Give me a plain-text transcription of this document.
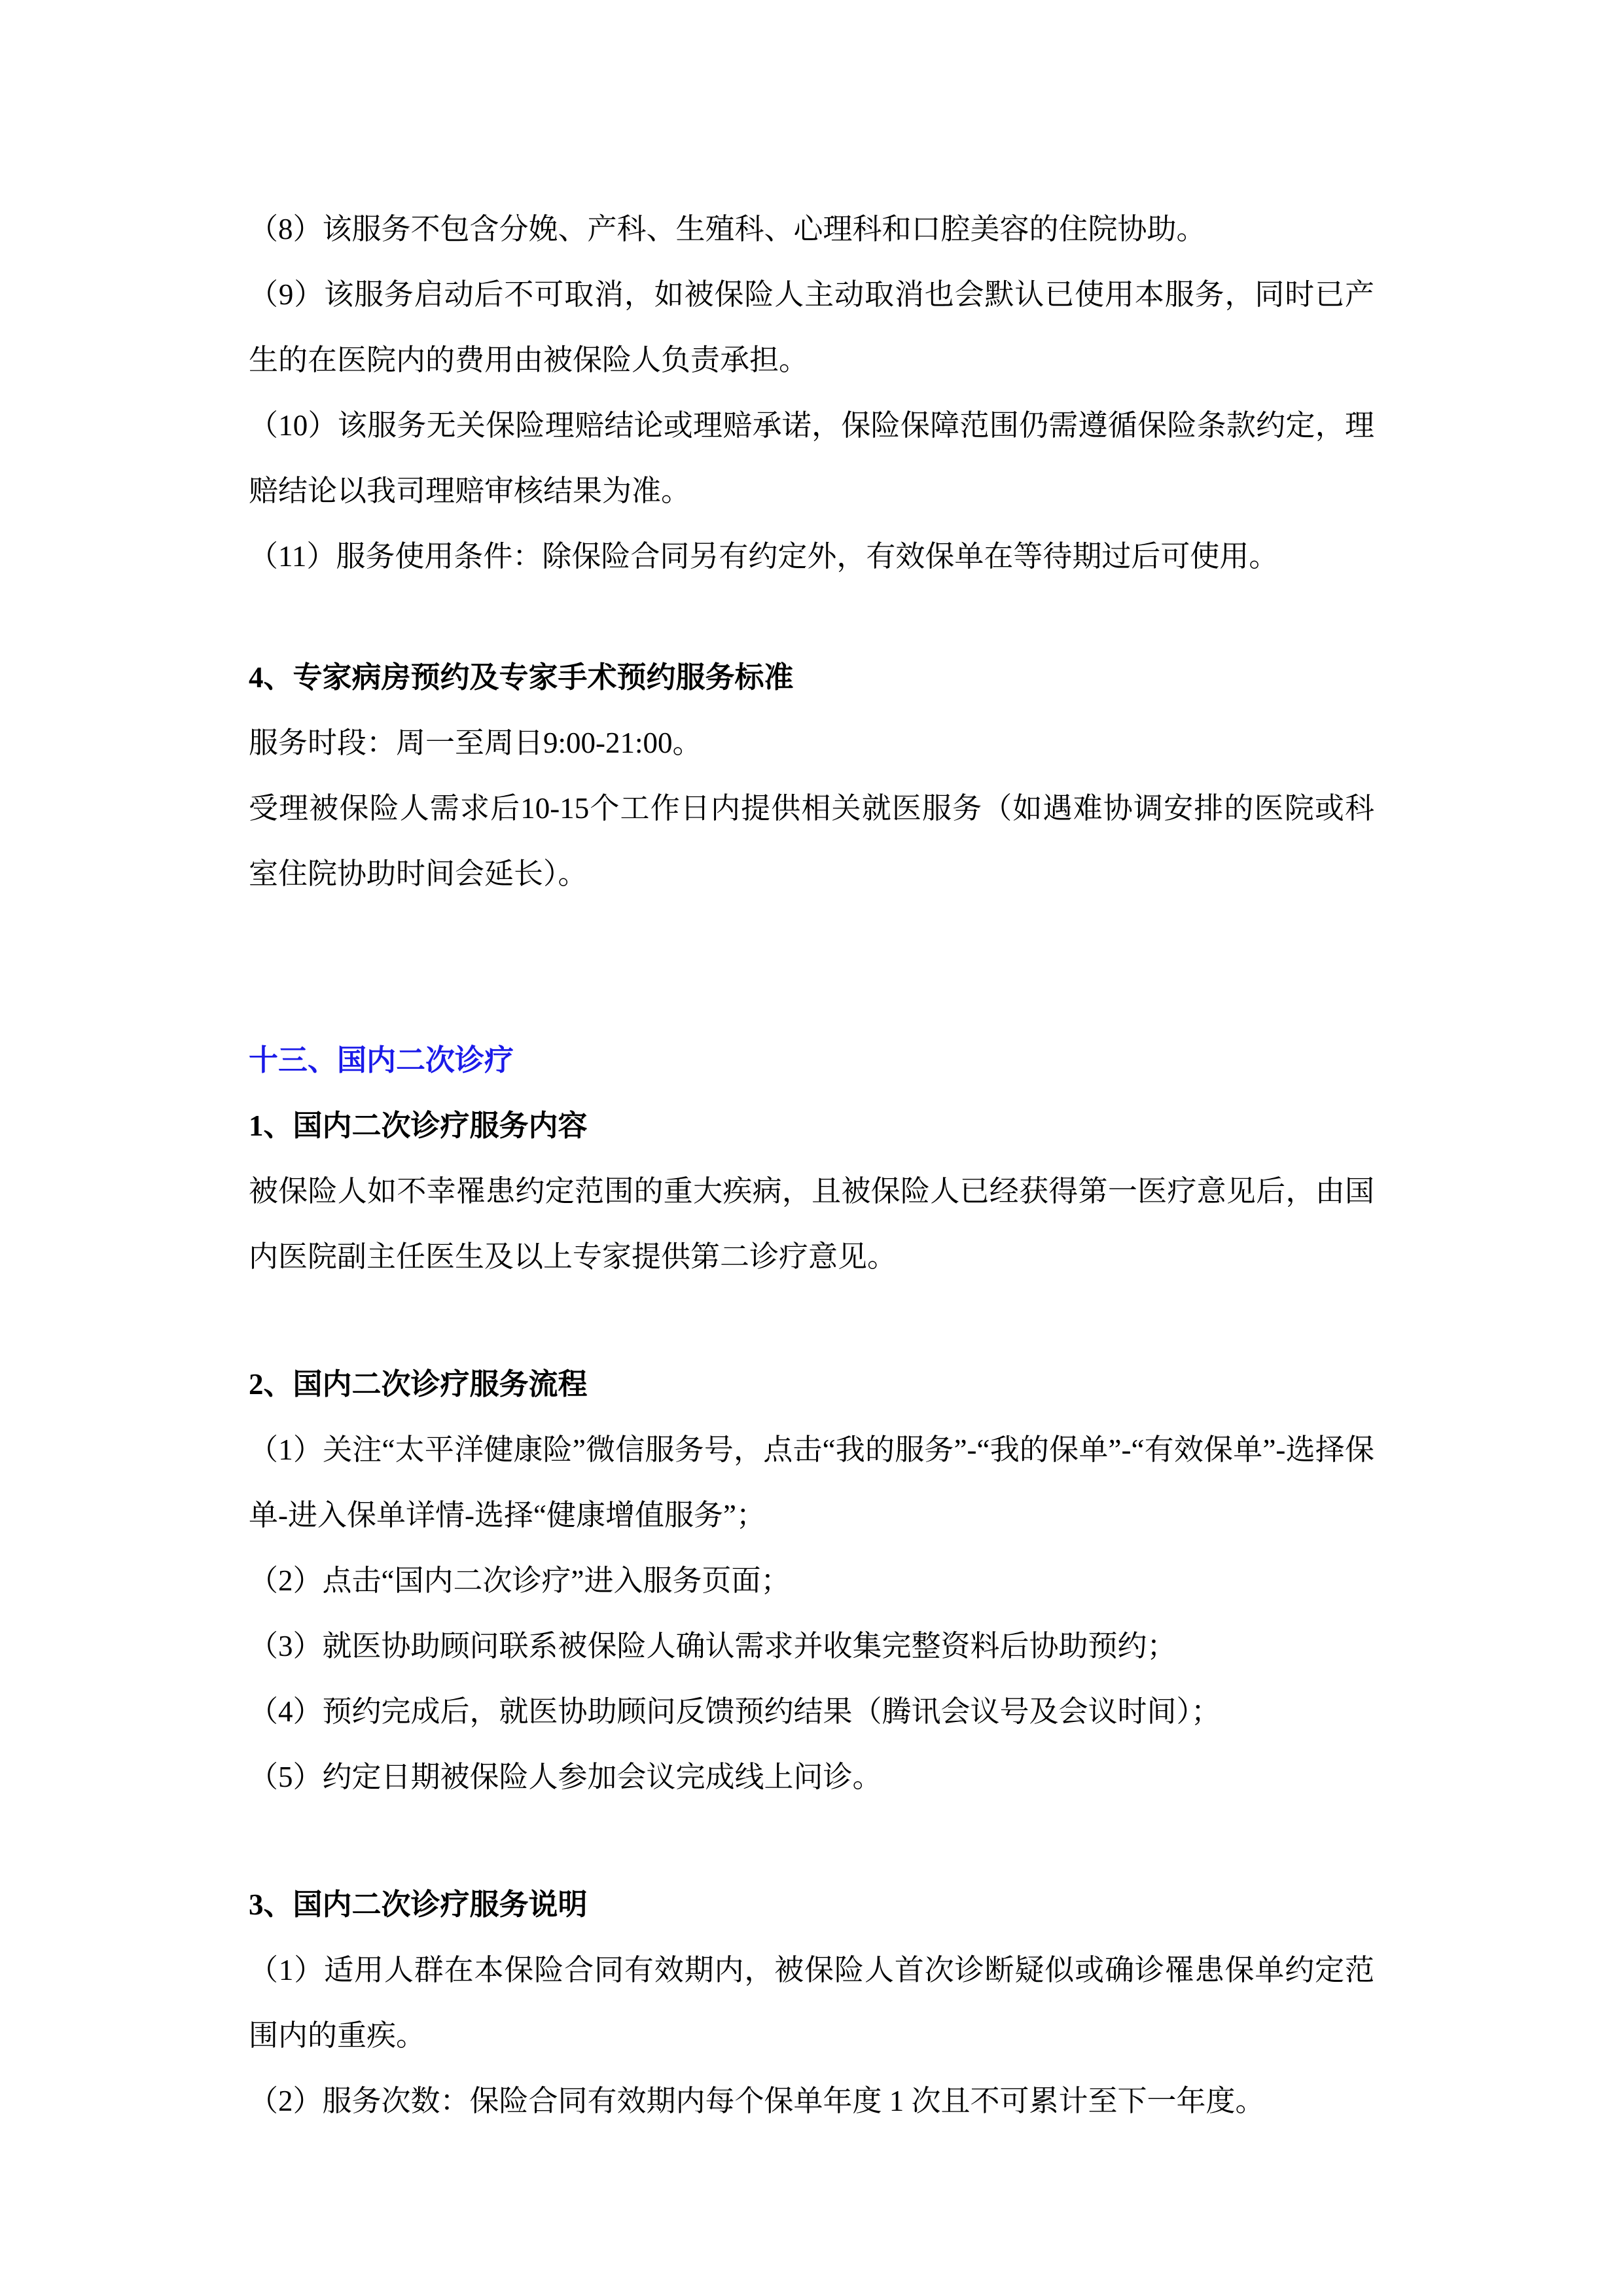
（8）该服务不包含分娩、产科、生殖科、心理科和口腔美容的住院协助。

（9）该服务启动后不可取消，如被保险人主动取消也会默认已使用本服务，同时已产生的在医院内的费用由被保险人负责承担。

（10）该服务无关保险理赔结论或理赔承诺，保险保障范围仍需遵循保险条款约定，理赔结论以我司理赔审核结果为准。

（11）服务使用条件：除保险合同另有约定外，有效保单在等待期过后可使用。

4、专家病房预约及专家手术预约服务标准

服务时段：周一至周日9:00-21:00。

受理被保险人需求后10-15个工作日内提供相关就医服务（如遇难协调安排的医院或科室住院协助时间会延长）。

十三、国内二次诊疗

1、国内二次诊疗服务内容

被保险人如不幸罹患约定范围的重大疾病，且被保险人已经获得第一医疗意见后，由国内医院副主任医生及以上专家提供第二诊疗意见。

2、国内二次诊疗服务流程

（1）关注“太平洋健康险”微信服务号，点击“我的服务”-“我的保单”-“有效保单”-选择保单-进入保单详情-选择“健康增值服务”；

（2）点击“国内二次诊疗”进入服务页面；

（3）就医协助顾问联系被保险人确认需求并收集完整资料后协助预约；

（4）预约完成后，就医协助顾问反馈预约结果（腾讯会议号及会议时间）；

（5）约定日期被保险人参加会议完成线上问诊。

3、国内二次诊疗服务说明

（1）适用人群在本保险合同有效期内，被保险人首次诊断疑似或确诊罹患保单约定范围内的重疾。

（2）服务次数：保险合同有效期内每个保单年度 1 次且不可累计至下一年度。
